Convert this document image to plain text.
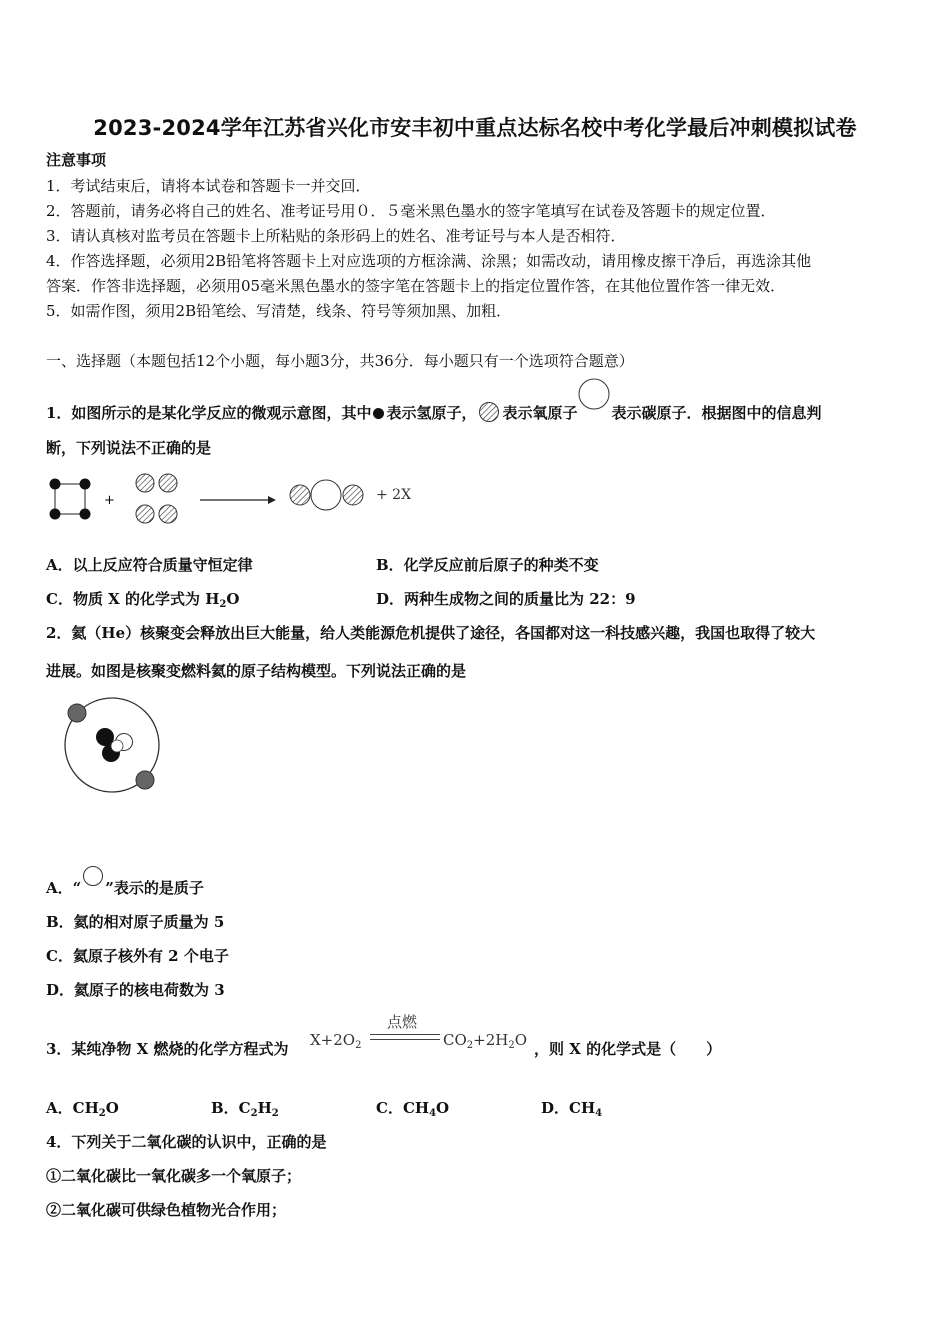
2023-2024学年江苏省兴化市安丰初中重点达标名校中考化学最后冲刺模拟试卷
注意事项
1．考试结束后，请将本试卷和答题卡一并交回．
2．答题前，请务必将自己的姓名、准考证号用０．５毫米黑色墨水的签字笔填写在试卷及答题卡的规定位置．
3．请认真核对监考员在答题卡上所粘贴的条形码上的姓名、准考证号与本人是否相符．
4．作答选择题，必须用2B铅笔将答题卡上对应选项的方框涂满、涂黑；如需改动，请用橡皮擦干净后，再选涂其他
答案．作答非选择题，必须用05毫米黑色墨水的签字笔在答题卡上的指定位置作答，在其他位置作答一律无效．
5．如需作图，须用2B铅笔绘、写清楚，线条、符号等须加黑、加粗．
一、选择题（本题包括12个小题，每小题3分，共36分．每小题只有一个选项符合题意）
1．如图所示的是某化学反应的微观示意图，其中 表示氢原子， 表示氧原子 表示碳原子．根据图中的信息判
断，下列说法不正确的是
+	+ 2X
A．以上反应符合质量守恒定律	B．化学反应前后原子的种类不变
C．物质 X 的化学式为 $H_2O$	D．两种生成物之间的质量比为 22：9
2．氦（He）核聚变会释放出巨大能量，给人类能源危机提供了途径，各国都对这一科技感兴趣，我国也取得了较大
进展。如图是核聚变燃料氦的原子结构模型。下列说法正确的是
A．“ ”表示的是质子
B．氦的相对原子质量为 5
C．氦原子核外有 2 个电子
D．氦原子的核电荷数为 3
3．某纯净物 X 燃烧的化学方程式为 $X+2O_2$
点燃
$CO_2+2H_2O$ ，则 X 的化学式是（　　）
A．$CH_2O$	B．$C_2H_2$	C．$CH_4O$	D．$CH_4$
4．下列关于二氧化碳的认识中，正确的是
①二氧化碳比一氧化碳多一个氧原子；
②二氧化碳可供绿色植物光合作用；
